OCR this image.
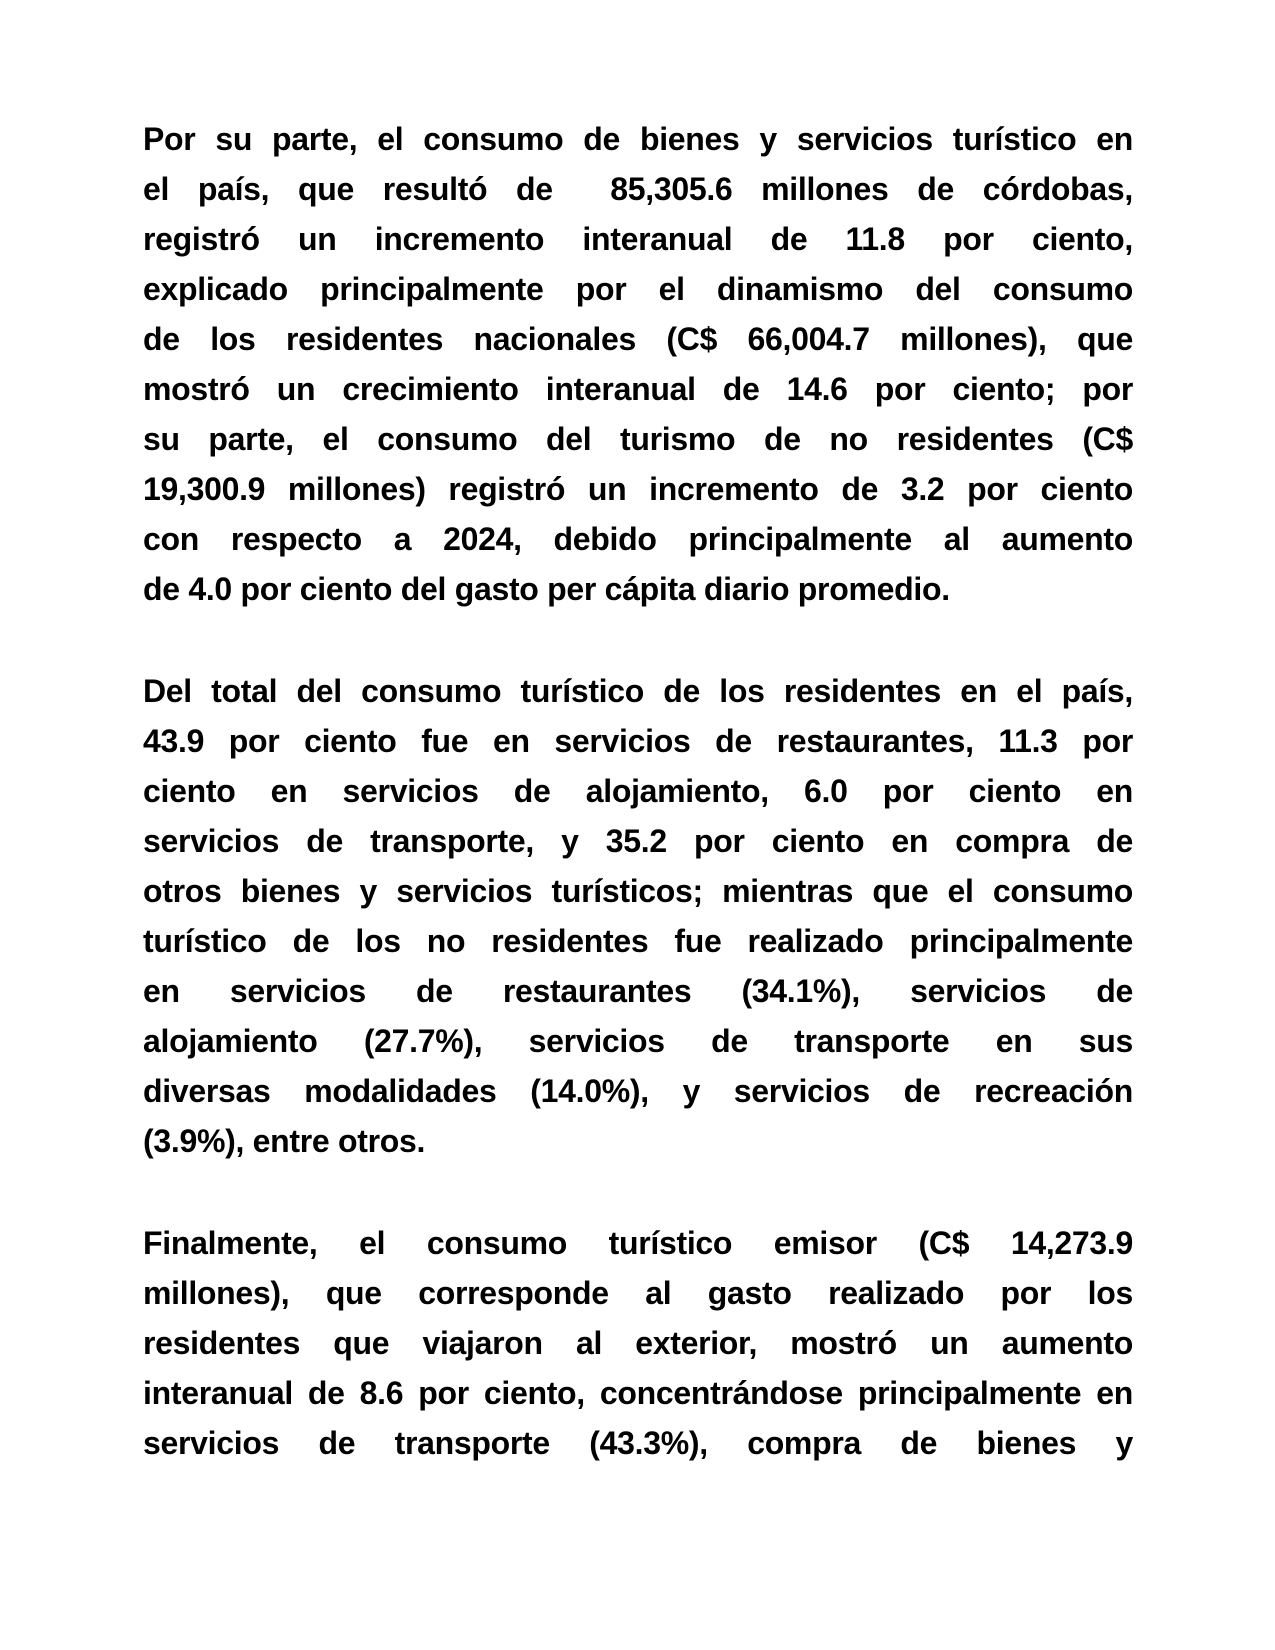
Por su parte, el consumo de bienes y servicios turístico en
el país, que resultó de  85,305.6 millones de córdobas,
registró un incremento interanual de 11.8 por ciento,
explicado principalmente por el dinamismo del consumo
de los residentes nacionales (C$ 66,004.7 millones), que
mostró un crecimiento interanual de 14.6 por ciento; por
su parte, el consumo del turismo de no residentes (C$
19,300.9 millones) registró un incremento de 3.2 por ciento
con respecto a 2024, debido principalmente al aumento
de 4.0 por ciento del gasto per cápita diario promedio.
Del total del consumo turístico de los residentes en el país,
43.9 por ciento fue en servicios de restaurantes, 11.3 por
ciento en servicios de alojamiento, 6.0 por ciento en
servicios de transporte, y 35.2 por ciento en compra de
otros bienes y servicios turísticos; mientras que el consumo
turístico de los no residentes fue realizado principalmente
en servicios de restaurantes (34.1%), servicios de
alojamiento (27.7%), servicios de transporte en sus
diversas modalidades (14.0%), y servicios de recreación
(3.9%), entre otros.
Finalmente, el consumo turístico emisor (C$ 14,273.9
millones), que corresponde al gasto realizado por los
residentes que viajaron al exterior, mostró un aumento
interanual de 8.6 por ciento, concentrándose principalmente en
servicios de transporte (43.3%), compra de bienes y
